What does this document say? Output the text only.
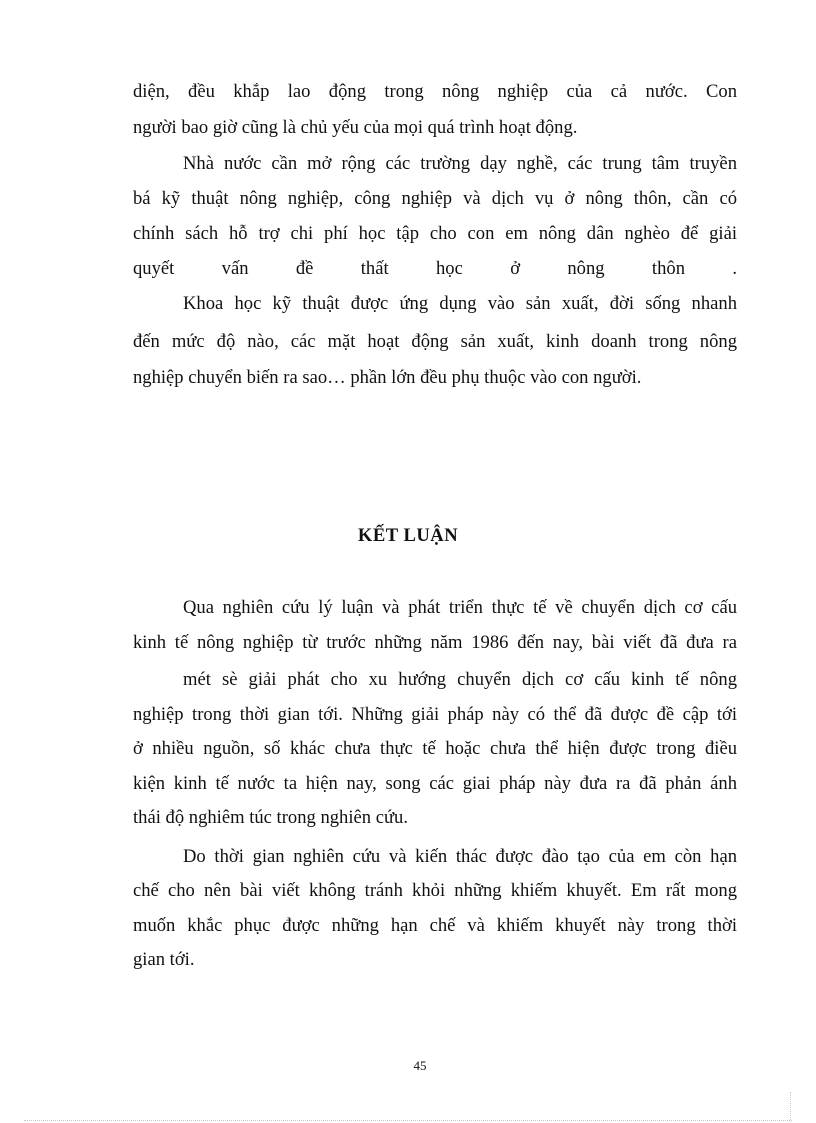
diện, đều khắp lao động trong nông nghiệp của cả nước. Con
người bao giờ cũng là chủ yếu của mọi quá trình hoạt động.
Nhà nước cần mở rộng các trường dạy nghề, các trung tâm truyền
bá kỹ thuật nông nghiệp, công nghiệp và dịch vụ ở nông thôn, cần có
chính sách hỗ trợ chi phí học tập cho con em nông dân nghèo để giải
quyết vấn đề thất học ở nông thôn .
Khoa học kỹ thuật được ứng dụng vào sản xuất, đời sống nhanh
đến mức độ nào, các mặt hoạt động sản xuất, kinh doanh trong nông
nghiệp chuyển biến ra sao… phần lớn đều phụ thuộc vào con người.
KẾT LUẬN
Qua nghiên cứu lý luận và phát triển thực tế về chuyển dịch cơ cấu
kinh tế nông nghiệp từ trước những năm 1986 đến nay, bài viết đã đưa ra
mét sè giải phát cho xu hướng chuyển dịch cơ cấu kinh tế nông
nghiệp trong thời gian tới. Những giải pháp này có thể đã được đề cập tới
ở nhiều nguồn, số khác chưa thực tế hoặc chưa thể hiện được trong điều
kiện kinh tế nước ta hiện nay, song các giai pháp này đưa ra đã phản ánh
thái độ nghiêm túc trong nghiên cứu.
Do thời gian nghiên cứu và kiến thác được đào tạo của em còn hạn
chế cho nên bài viết không tránh khỏi những khiếm khuyết. Em rất mong
muốn khắc phục được những hạn chế và khiếm khuyết này trong thời
gian tới.
45
